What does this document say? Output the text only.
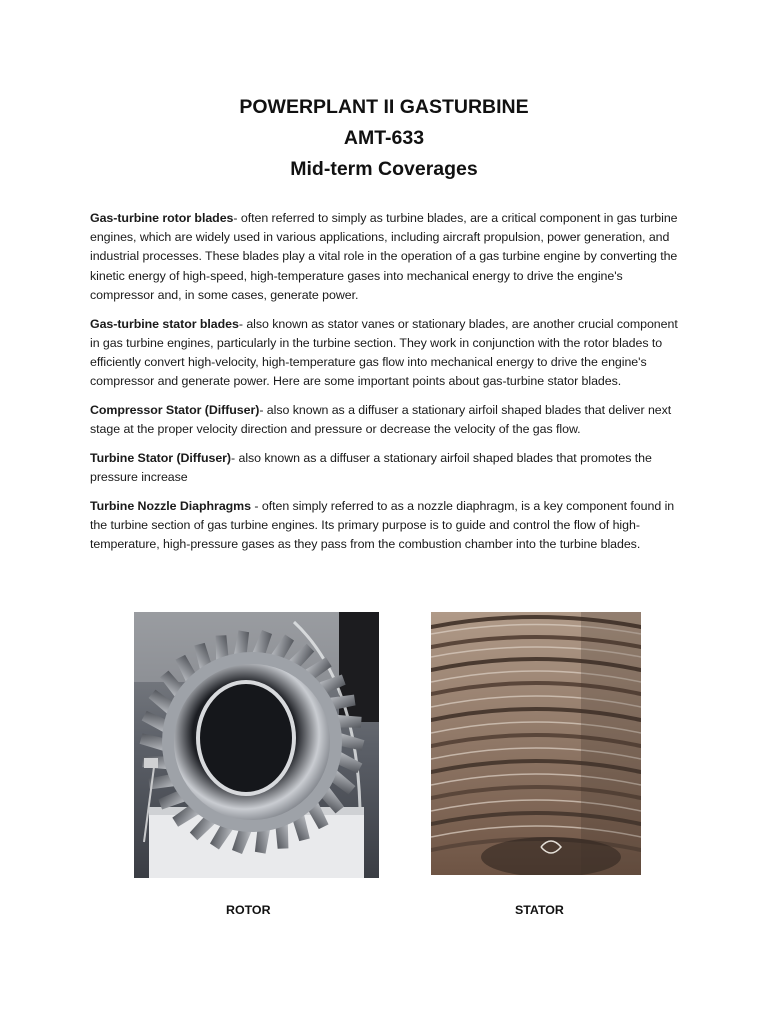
POWERPLANT II GASTURBINE
AMT-633
Mid-term Coverages

Gas-turbine rotor blades- often referred to simply as turbine blades, are a critical component in gas turbine engines, which are widely used in various applications, including aircraft propulsion, power generation, and industrial processes. These blades play a vital role in the operation of a gas turbine engine by converting the kinetic energy of high-speed, high-temperature gases into mechanical energy to drive the engine's compressor and, in some cases, generate power.

Gas-turbine stator blades- also known as stator vanes or stationary blades, are another crucial component in gas turbine engines, particularly in the turbine section. They work in conjunction with the rotor blades to efficiently convert high-velocity, high-temperature gas flow into mechanical energy to drive the engine's compressor and generate power. Here are some important points about gas-turbine stator blades.

Compressor Stator (Diffuser)- also known as a diffuser a stationary airfoil shaped blades that deliver next stage at the proper velocity direction and pressure or decrease the velocity of the gas flow.

Turbine Stator (Diffuser)- also known as a diffuser a stationary airfoil shaped blades that promotes the pressure increase

Turbine Nozzle Diaphragms - often simply referred to as a nozzle diaphragm, is a key component found in the turbine section of gas turbine engines. Its primary purpose is to guide and control the flow of high-temperature, high-pressure gases as they pass from the combustion chamber into the turbine blades.

ROTOR	STATOR
